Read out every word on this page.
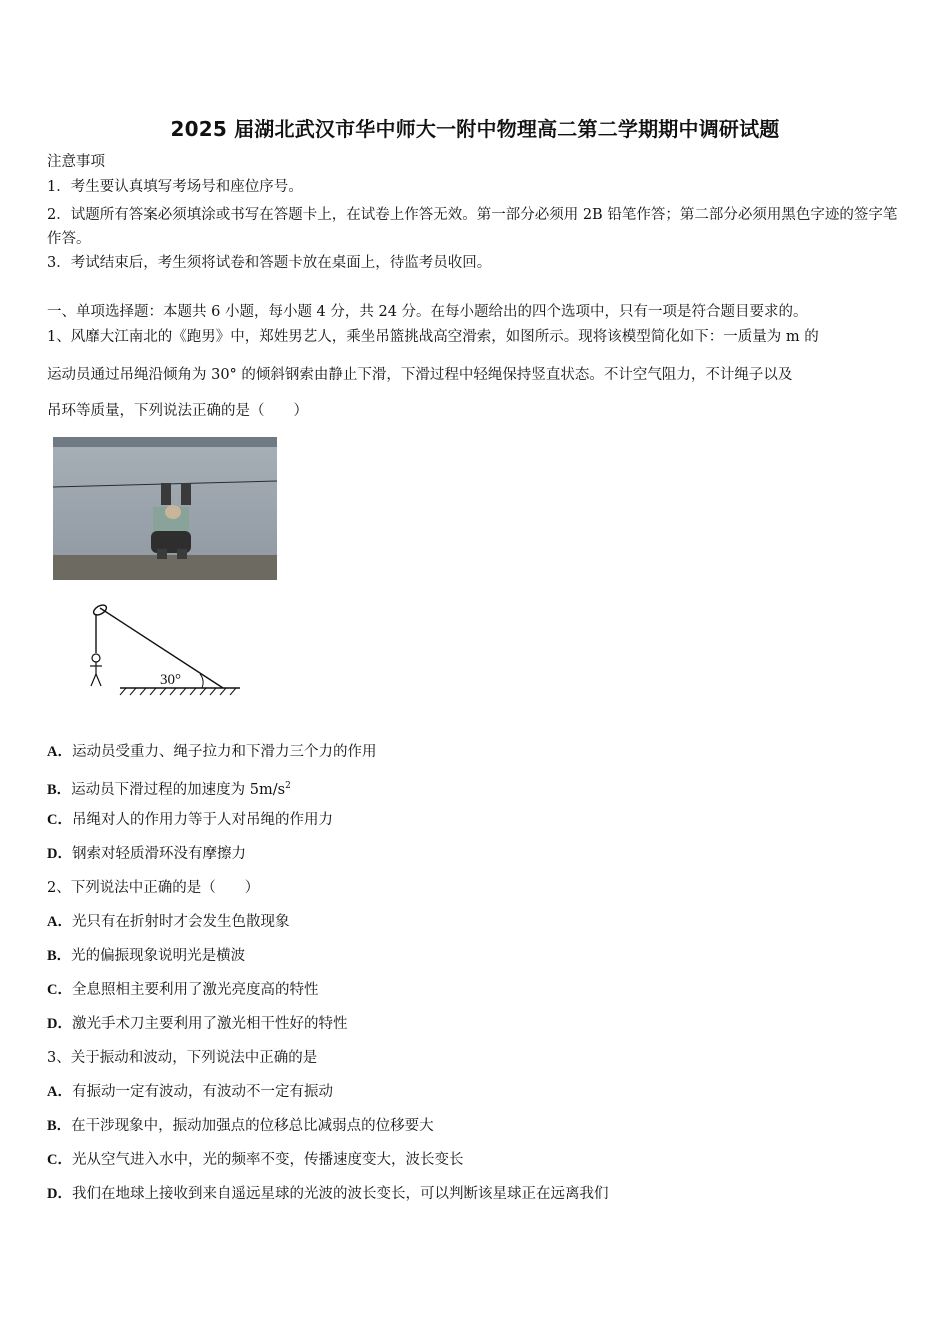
2025 届湖北武汉市华中师大一附中物理高二第二学期期中调研试题
注意事项
1．考生要认真填写考场号和座位序号。
2．试题所有答案必须填涂或书写在答题卡上，在试卷上作答无效。第一部分必须用 2B 铅笔作答；第二部分必须用黑色字迹的签字笔作答。
3．考试结束后，考生须将试卷和答题卡放在桌面上，待监考员收回。
一、单项选择题：本题共 6 小题，每小题 4 分，共 24 分。在每小题给出的四个选项中，只有一项是符合题目要求的。
1、风靡大江南北的《跑男》中，郑姓男艺人，乘坐吊篮挑战高空滑索，如图所示。现将该模型简化如下：一质量为 m 的
运动员通过吊绳沿倾角为 30° 的倾斜钢索由静止下滑，下滑过程中轻绳保持竖直状态。不计空气阻力，不计绳子以及
吊环等质量，下列说法正确的是（　　）
30°
A．运动员受重力、绳子拉力和下滑力三个力的作用
B．运动员下滑过程的加速度为 $5m/s^2$
C．吊绳对人的作用力等于人对吊绳的作用力
D．钢索对轻质滑环没有摩擦力
2、下列说法中正确的是（　　）
A．光只有在折射时才会发生色散现象
B．光的偏振现象说明光是横波
C．全息照相主要利用了激光亮度高的特性
D．激光手术刀主要利用了激光相干性好的特性
3、关于振动和波动，下列说法中正确的是
A．有振动一定有波动，有波动不一定有振动
B．在干涉现象中，振动加强点的位移总比减弱点的位移要大
C．光从空气进入水中，光的频率不变，传播速度变大，波长变长
D．我们在地球上接收到来自遥远星球的光波的波长变长，可以判断该星球正在远离我们
